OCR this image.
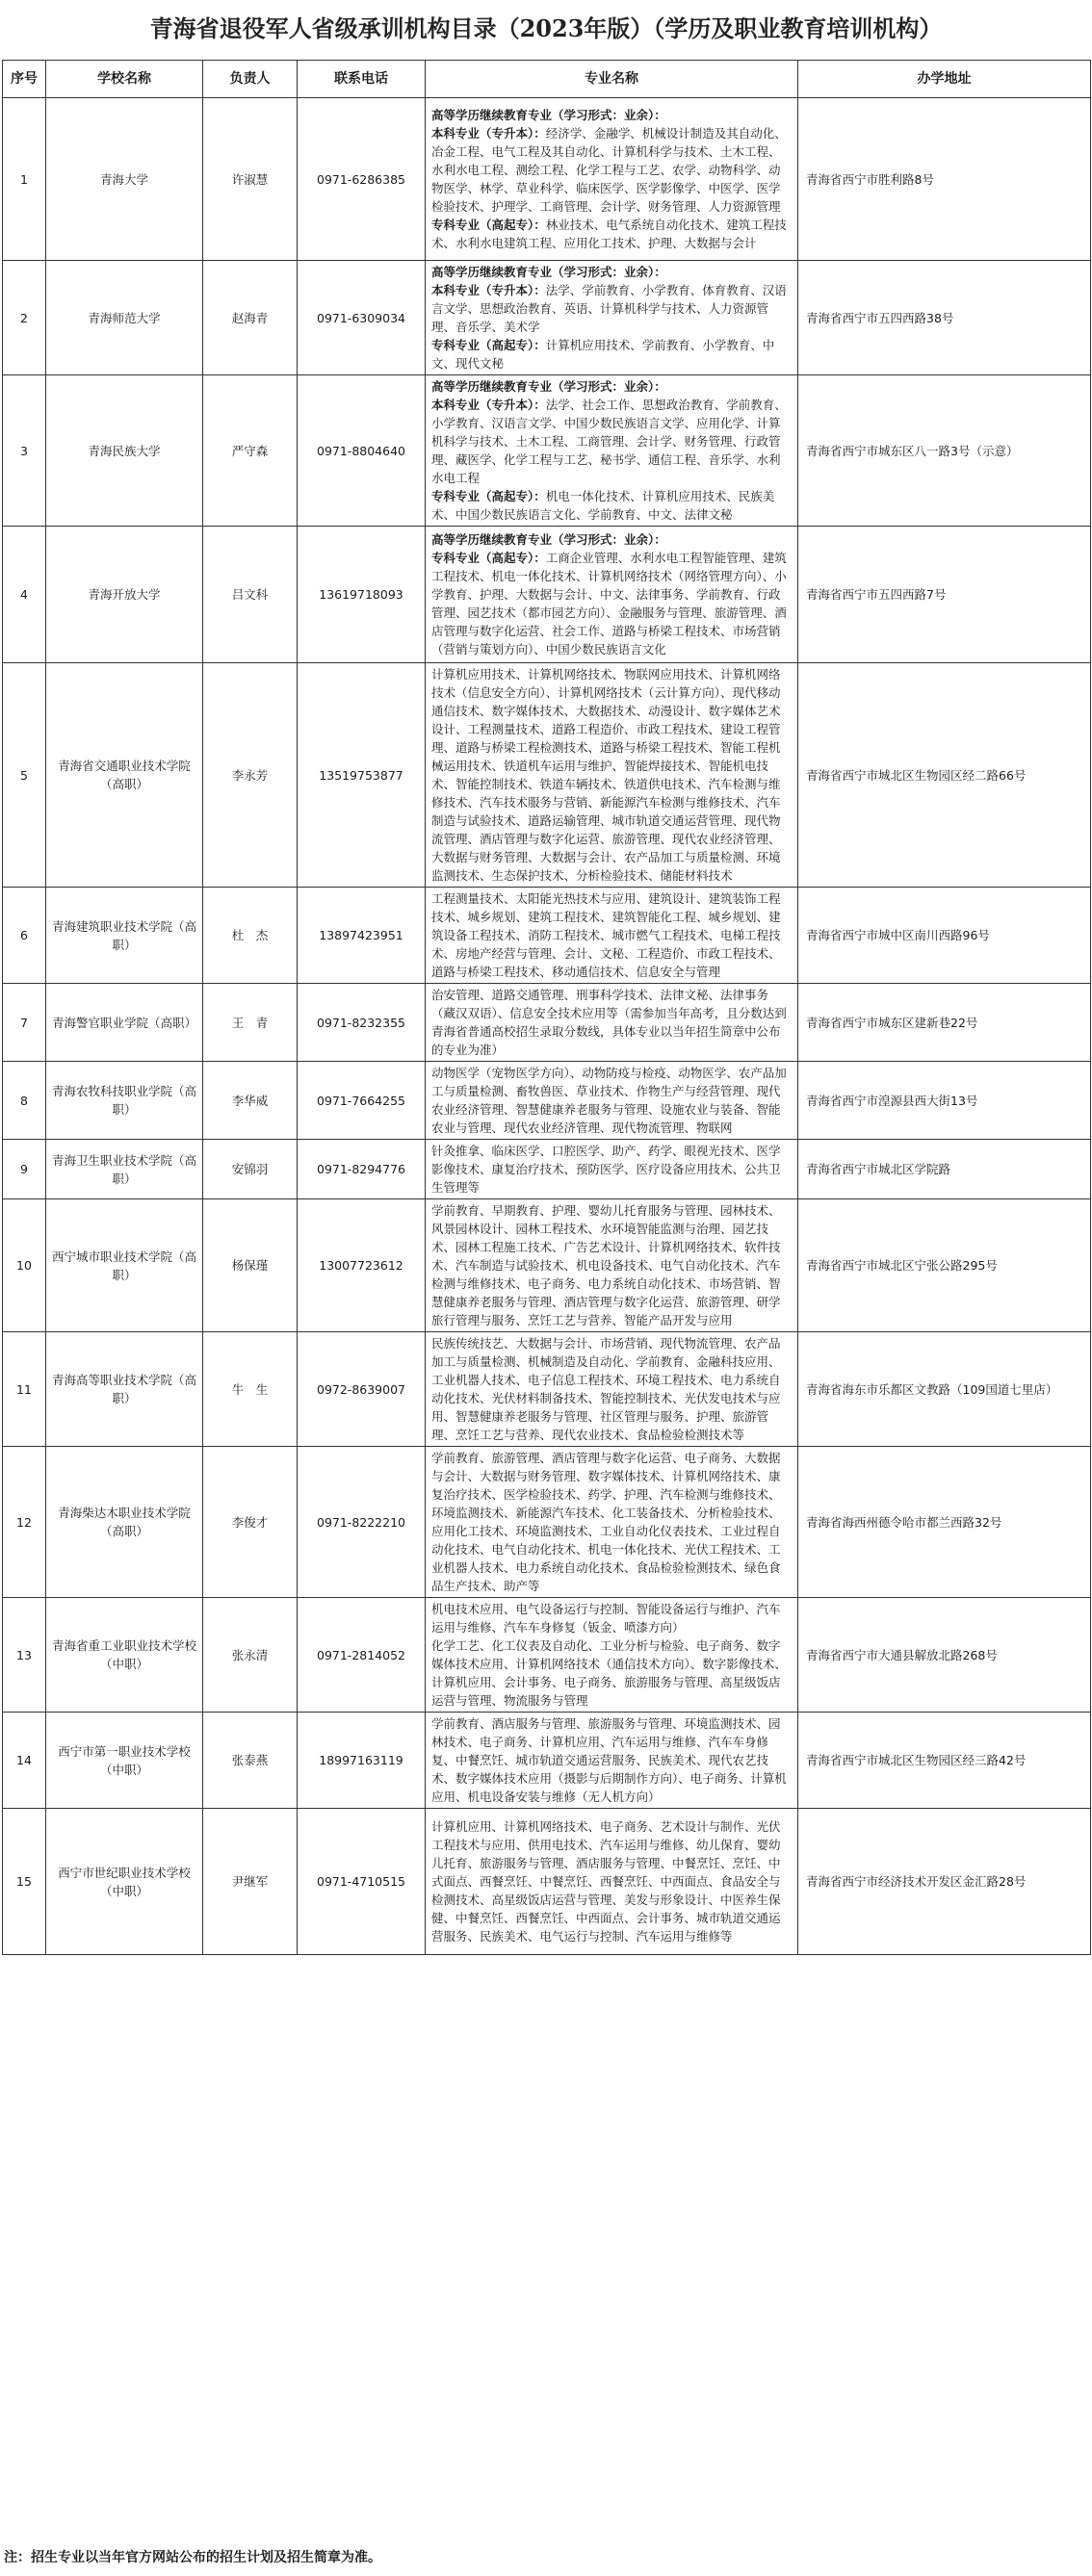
青海省退役军人省级承训机构目录（2023年版）（学历及职业教育培训机构）
序号	学校名称	负责人	联系电话	专业名称	办学地址
1	青海大学	许淑慧	0971-6286385	高等学历继续教育专业（学习形式：业余）：
本科专业（专升本）：经济学、金融学、机械设计制造及其自动化、冶金工程、电气工程及其自动化、计算机科学与技术、土木工程、水利水电工程、测绘工程、化学工程与工艺、农学、动物科学、动物医学、林学、草业科学、临床医学、医学影像学、中医学、医学检验技术、护理学、工商管理、会计学、财务管理、人力资源管理
专科专业（高起专）：林业技术、电气系统自动化技术、建筑工程技术、水利水电建筑工程、应用化工技术、护理、大数据与会计	青海省西宁市胜利路8号
2	青海师范大学	赵海青	0971-6309034	高等学历继续教育专业（学习形式：业余）：
本科专业（专升本）：法学、学前教育、小学教育、体育教育、汉语言文学、思想政治教育、英语、计算机科学与技术、人力资源管理、音乐学、美术学
专科专业（高起专）：计算机应用技术、学前教育、小学教育、中文、现代文秘	青海省西宁市五四西路38号
3	青海民族大学	严守森	0971-8804640	高等学历继续教育专业（学习形式：业余）：
本科专业（专升本）：法学、社会工作、思想政治教育、学前教育、小学教育、汉语言文学、中国少数民族语言文学、应用化学、计算机科学与技术、土木工程、工商管理、会计学、财务管理、行政管理、藏医学、化学工程与工艺、秘书学、通信工程、音乐学、水利水电工程
专科专业（高起专）：机电一体化技术、计算机应用技术、民族美术、中国少数民族语言文化、学前教育、中文、法律文秘	青海省西宁市城东区八一路3号（示意）
4	青海开放大学	吕文科	13619718093	高等学历继续教育专业（学习形式：业余）：
专科专业（高起专）：工商企业管理、水利水电工程智能管理、建筑工程技术、机电一体化技术、计算机网络技术（网络管理方向）、小学教育、护理、大数据与会计、中文、法律事务、学前教育、行政管理、园艺技术（都市园艺方向）、金融服务与管理、旅游管理、酒店管理与数字化运营、社会工作、道路与桥梁工程技术、市场营销（营销与策划方向）、中国少数民族语言文化	青海省西宁市五四西路7号
5	青海省交通职业技术学院（高职）	李永芳	13519753877	计算机应用技术、计算机网络技术、物联网应用技术、计算机网络技术（信息安全方向）、计算机网络技术（云计算方向）、现代移动通信技术、数字媒体技术、大数据技术、动漫设计、数字媒体艺术设计、工程测量技术、道路工程造价、市政工程技术、建设工程管理、道路与桥梁工程检测技术、道路与桥梁工程技术、智能工程机械运用技术、铁道机车运用与维护、智能焊接技术、智能机电技术、智能控制技术、铁道车辆技术、铁道供电技术、汽车检测与维修技术、汽车技术服务与营销、新能源汽车检测与维修技术、汽车制造与试验技术、道路运输管理、城市轨道交通运营管理、现代物流管理、酒店管理与数字化运营、旅游管理、现代农业经济管理、大数据与财务管理、大数据与会计、农产品加工与质量检测、环境监测技术、生态保护技术、分析检验技术、储能材料技术	青海省西宁市城北区生物园区经二路66号
6	青海建筑职业技术学院（高职）	杜　杰	13897423951	工程测量技术、太阳能光热技术与应用、建筑设计、建筑装饰工程技术、城乡规划、建筑工程技术、建筑智能化工程、城乡规划、建筑设备工程技术、消防工程技术、城市燃气工程技术、电梯工程技术、房地产经营与管理、会计、文秘、工程造价、市政工程技术、道路与桥梁工程技术、移动通信技术、信息安全与管理	青海省西宁市城中区南川西路96号
7	青海警官职业学院（高职）	王　青	0971-8232355	治安管理、道路交通管理、刑事科学技术、法律文秘、法律事务（藏汉双语）、信息安全技术应用等（需参加当年高考，且分数达到青海省普通高校招生录取分数线，具体专业以当年招生简章中公布的专业为准）	青海省西宁市城东区建新巷22号
8	青海农牧科技职业学院（高职）	李华威	0971-7664255	动物医学（宠物医学方向）、动物防疫与检疫、动物医学、农产品加工与质量检测、畜牧兽医、草业技术、作物生产与经营管理、现代农业经济管理、智慧健康养老服务与管理、设施农业与装备、智能农业与管理、现代农业经济管理、现代物流管理、物联网	青海省西宁市湟源县西大街13号
9	青海卫生职业技术学院（高职）	安锦羽	0971-8294776	针灸推拿、临床医学、口腔医学、助产、药学、眼视光技术、医学影像技术、康复治疗技术、预防医学、医疗设备应用技术、公共卫生管理等	青海省西宁市城北区学院路
10	西宁城市职业技术学院（高职）	杨保瑾	13007723612	学前教育、早期教育、护理、婴幼儿托育服务与管理、园林技术、风景园林设计、园林工程技术、水环境智能监测与治理、园艺技术、园林工程施工技术、广告艺术设计、计算机网络技术、软件技术、汽车制造与试验技术、机电设备技术、电气自动化技术、汽车检测与维修技术、电子商务、电力系统自动化技术、市场营销、智慧健康养老服务与管理、酒店管理与数字化运营、旅游管理、研学旅行管理与服务、烹饪工艺与营养、智能产品开发与应用	青海省西宁市城北区宁张公路295号
11	青海高等职业技术学院（高职）	牛　生	0972-8639007	民族传统技艺、大数据与会计、市场营销、现代物流管理、农产品加工与质量检测、机械制造及自动化、学前教育、金融科技应用、工业机器人技术、电子信息工程技术、环境工程技术、电力系统自动化技术、光伏材料制备技术、智能控制技术、光伏发电技术与应用、智慧健康养老服务与管理、社区管理与服务、护理、旅游管理、烹饪工艺与营养、现代农业技术、食品检验检测技术等	青海省海东市乐都区文教路（109国道七里店）
12	青海柴达木职业技术学院（高职）	李俊才	0971-8222210	学前教育、旅游管理、酒店管理与数字化运营、电子商务、大数据与会计、大数据与财务管理、数字媒体技术、计算机网络技术、康复治疗技术、医学检验技术、药学、护理、汽车检测与维修技术、环境监测技术、新能源汽车技术、化工装备技术、分析检验技术、应用化工技术、环境监测技术、工业自动化仪表技术、工业过程自动化技术、电气自动化技术、机电一体化技术、光伏工程技术、工业机器人技术、电力系统自动化技术、食品检验检测技术、绿色食品生产技术、助产等	青海省海西州德令哈市都兰西路32号
13	青海省重工业职业技术学校（中职）	张永清	0971-2814052	机电技术应用、电气设备运行与控制、智能设备运行与维护、汽车运用与维修、汽车车身修复（钣金、喷漆方向）
化学工艺、化工仪表及自动化、工业分析与检验、电子商务、数字媒体技术应用、计算机网络技术（通信技术方向）、数字影像技术、计算机应用、会计事务、电子商务、旅游服务与管理、高星级饭店运营与管理、物流服务与管理	青海省西宁市大通县解放北路268号
14	西宁市第一职业技术学校（中职）	张泰燕	18997163119	学前教育、酒店服务与管理、旅游服务与管理、环境监测技术、园林技术、电子商务、计算机应用、汽车运用与维修、汽车车身修复、中餐烹饪、城市轨道交通运营服务、民族美术、现代农艺技术、数字媒体技术应用（摄影与后期制作方向）、电子商务、计算机应用、机电设备安装与维修（无人机方向）	青海省西宁市城北区生物园区经三路42号
15	西宁市世纪职业技术学校（中职）	尹继军	0971-4710515	计算机应用、计算机网络技术、电子商务、艺术设计与制作、光伏工程技术与应用、供用电技术、汽车运用与维修、幼儿保育、婴幼儿托育、旅游服务与管理、酒店服务与管理、中餐烹饪、烹饪、中式面点、西餐烹饪、中餐烹饪、西餐烹饪、中西面点、食品安全与检测技术、高星级饭店运营与管理、美发与形象设计、中医养生保健、中餐烹饪、西餐烹饪、中西面点、会计事务、城市轨道交通运营服务、民族美术、电气运行与控制、汽车运用与维修等	青海省西宁市经济技术开发区金汇路28号
注：招生专业以当年官方网站公布的招生计划及招生简章为准。
